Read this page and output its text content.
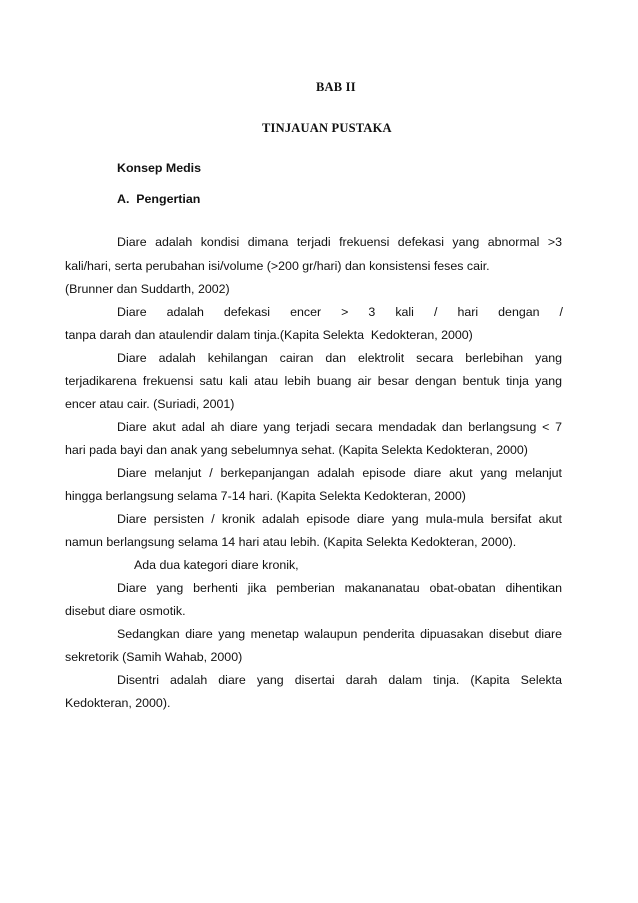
BAB II
TINJAUAN PUSTAKA
Konsep Medis
A.  Pengertian
Diare adalah kondisi dimana terjadi frekuensi defekasi yang abnormal >3
kali/hari, serta perubahan isi/volume (>200 gr/hari) dan konsistensi feses cair.
(Brunner dan Suddarth, 2002)
Diare adalah defekasi encer > 3 kali / hari dengan /
tanpa darah dan ataulendir dalam tinja.(Kapita Selekta  Kedokteran, 2000)
Diare adalah kehilangan cairan dan elektrolit secara berlebihan yang
terjadikarena frekuensi satu kali atau lebih buang air besar dengan bentuk tinja yang
encer atau cair. (Suriadi, 2001)
Diare akut adal ah diare yang terjadi secara mendadak dan berlangsung < 7
hari pada bayi dan anak yang sebelumnya sehat. (Kapita Selekta Kedokteran, 2000)
Diare melanjut / berkepanjangan adalah episode diare akut yang melanjut
hingga berlangsung selama 7-14 hari. (Kapita Selekta Kedokteran, 2000)
Diare persisten / kronik adalah episode diare yang mula-mula bersifat akut
namun berlangsung selama 14 hari atau lebih. (Kapita Selekta Kedokteran, 2000).
Ada dua kategori diare kronik,
Diare yang berhenti jika pemberian makananatau obat-obatan dihentikan
disebut diare osmotik.
Sedangkan diare yang menetap walaupun penderita dipuasakan disebut diare
sekretorik (Samih Wahab, 2000)
Disentri adalah diare yang disertai darah dalam tinja. (Kapita Selekta
Kedokteran, 2000).
